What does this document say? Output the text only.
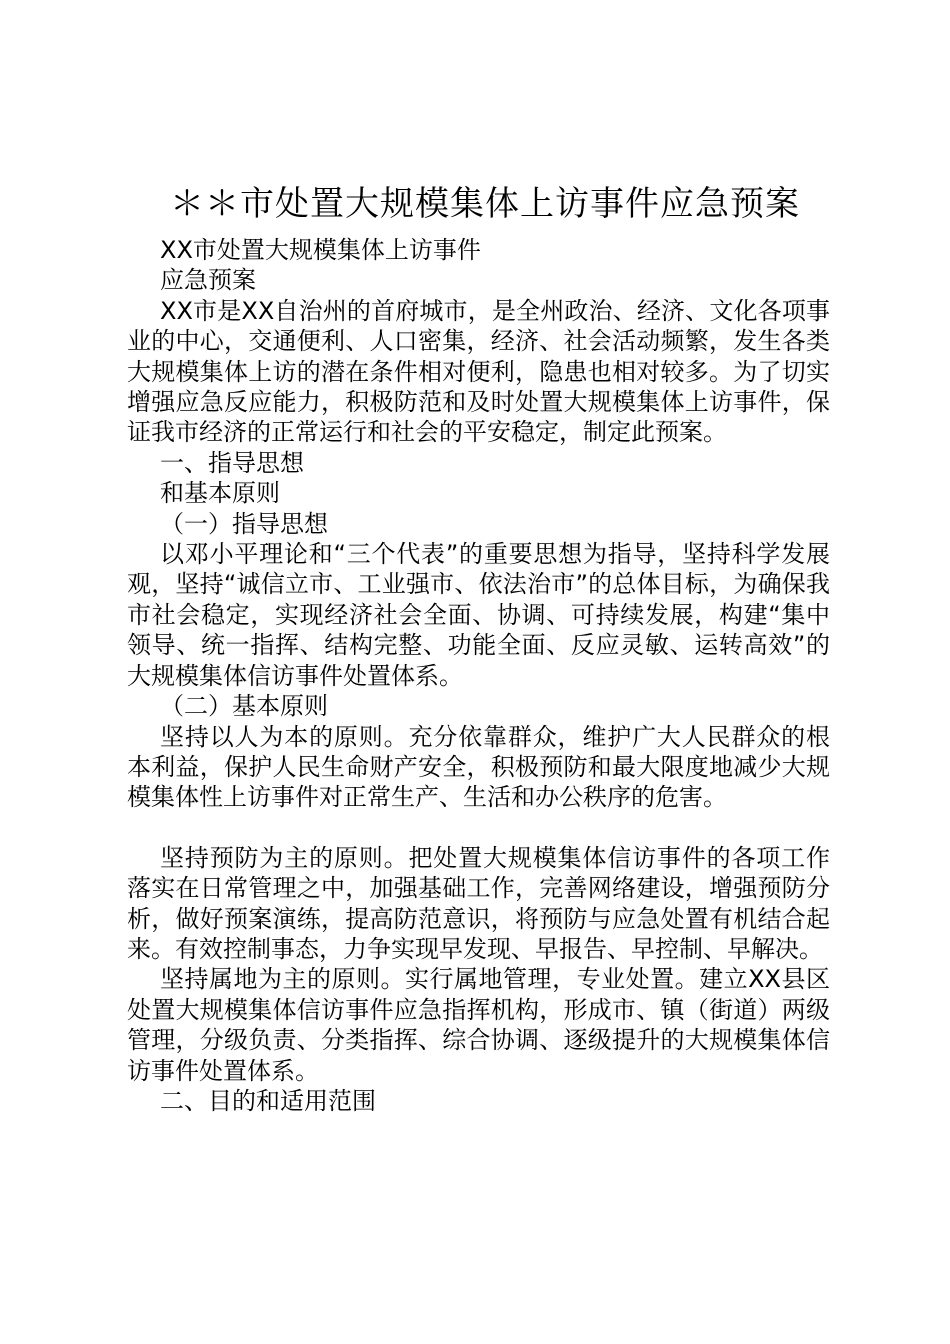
＊＊市处置大规模集体上访事件应急预案

XX市处置大规模集体上访事件

应急预案

XX市是XX自治州的首府城市，是全州政治、经济、文化各项事业的中心，交通便利、人口密集，经济、社会活动频繁，发生各类大规模集体上访的潜在条件相对便利，隐患也相对较多。为了切实增强应急反应能力，积极防范和及时处置大规模集体上访事件，保证我市经济的正常运行和社会的平安稳定，制定此预案。

一、指导思想

和基本原则

（一）指导思想

以邓小平理论和“三个代表”的重要思想为指导，坚持科学发展观，坚持“诚信立市、工业强市、依法治市”的总体目标，为确保我市社会稳定，实现经济社会全面、协调、可持续发展，构建“集中领导、统一指挥、结构完整、功能全面、反应灵敏、运转高效”的大规模集体信访事件处置体系。

（二）基本原则

坚持以人为本的原则。充分依靠群众，维护广大人民群众的根本利益，保护人民生命财产安全，积极预防和最大限度地减少大规模集体性上访事件对正常生产、生活和办公秩序的危害。

坚持预防为主的原则。把处置大规模集体信访事件的各项工作落实在日常管理之中，加强基础工作，完善网络建设，增强预防分析，做好预案演练，提高防范意识，将预防与应急处置有机结合起来。有效控制事态，力争实现早发现、早报告、早控制、早解决。

坚持属地为主的原则。实行属地管理，专业处置。建立XX县区处置大规模集体信访事件应急指挥机构，形成市、镇（街道）两级管理，分级负责、分类指挥、综合协调、逐级提升的大规模集体信访事件处置体系。

二、目的和适用范围
